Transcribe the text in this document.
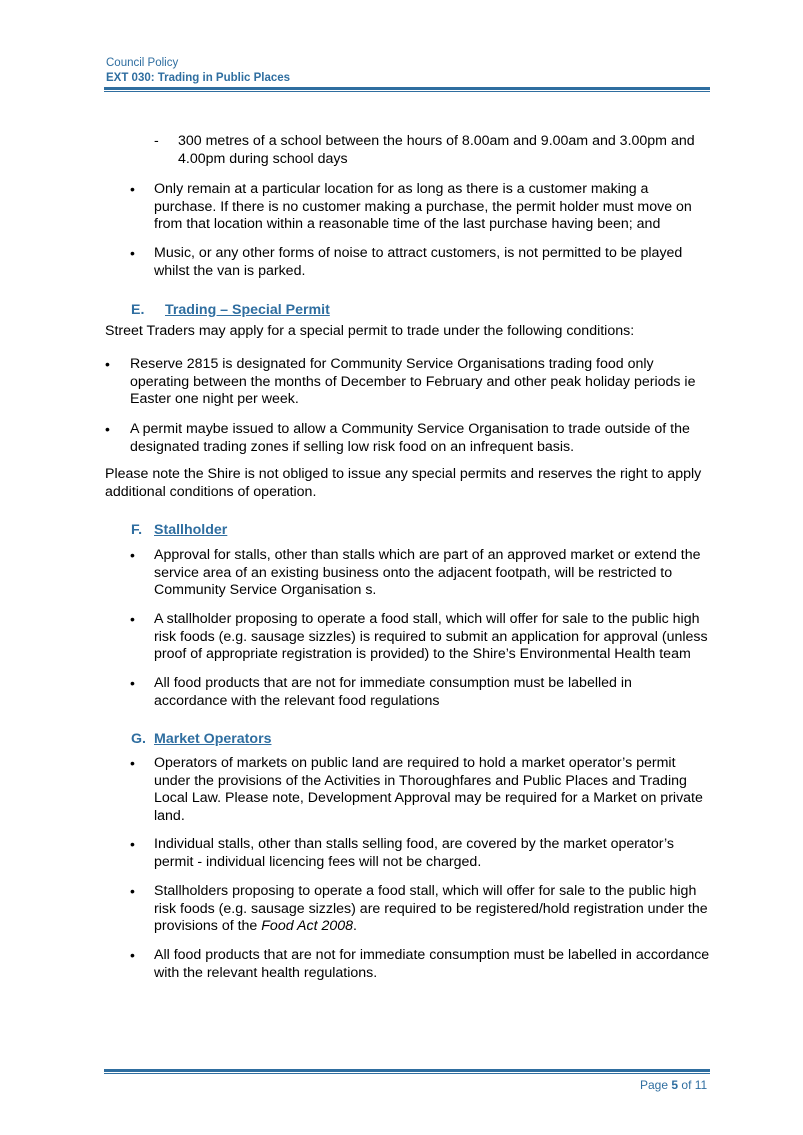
Council Policy
EXT 030: Trading in Public Places
- 300 metres of a school between the hours of 8.00am and 9.00am and 3.00pm and 4.00pm during school days
• Only remain at a particular location for as long as there is a customer making a purchase. If there is no customer making a purchase, the permit holder must move on from that location within a reasonable time of the last purchase having been; and
• Music, or any other forms of noise to attract customers, is not permitted to be played whilst the van is parked.
E. Trading – Special Permit
Street Traders may apply for a special permit to trade under the following conditions:
• Reserve 2815 is designated for Community Service Organisations trading food only operating between the months of December to February and other peak holiday periods ie Easter one night per week.
• A permit maybe issued to allow a Community Service Organisation to trade outside of the designated trading zones if selling low risk food on an infrequent basis.
Please note the Shire is not obliged to issue any special permits and reserves the right to apply additional conditions of operation.
F. Stallholder
• Approval for stalls, other than stalls which are part of an approved market or extend the service area of an existing business onto the adjacent footpath, will be restricted to Community Service Organisation s.
• A stallholder proposing to operate a food stall, which will offer for sale to the public high risk foods (e.g. sausage sizzles) is required to submit an application for approval (unless proof of appropriate registration is provided) to the Shire’s Environmental Health team
• All food products that are not for immediate consumption must be labelled in accordance with the relevant food regulations
G. Market Operators
• Operators of markets on public land are required to hold a market operator’s permit under the provisions of the Activities in Thoroughfares and Public Places and Trading Local Law. Please note, Development Approval may be required for a Market on private land.
• Individual stalls, other than stalls selling food, are covered by the market operator’s permit - individual licencing fees will not be charged.
• Stallholders proposing to operate a food stall, which will offer for sale to the public high risk foods (e.g. sausage sizzles) are required to be registered/hold registration under the provisions of the Food Act 2008.
• All food products that are not for immediate consumption must be labelled in accordance with the relevant health regulations.
Page 5 of 11
